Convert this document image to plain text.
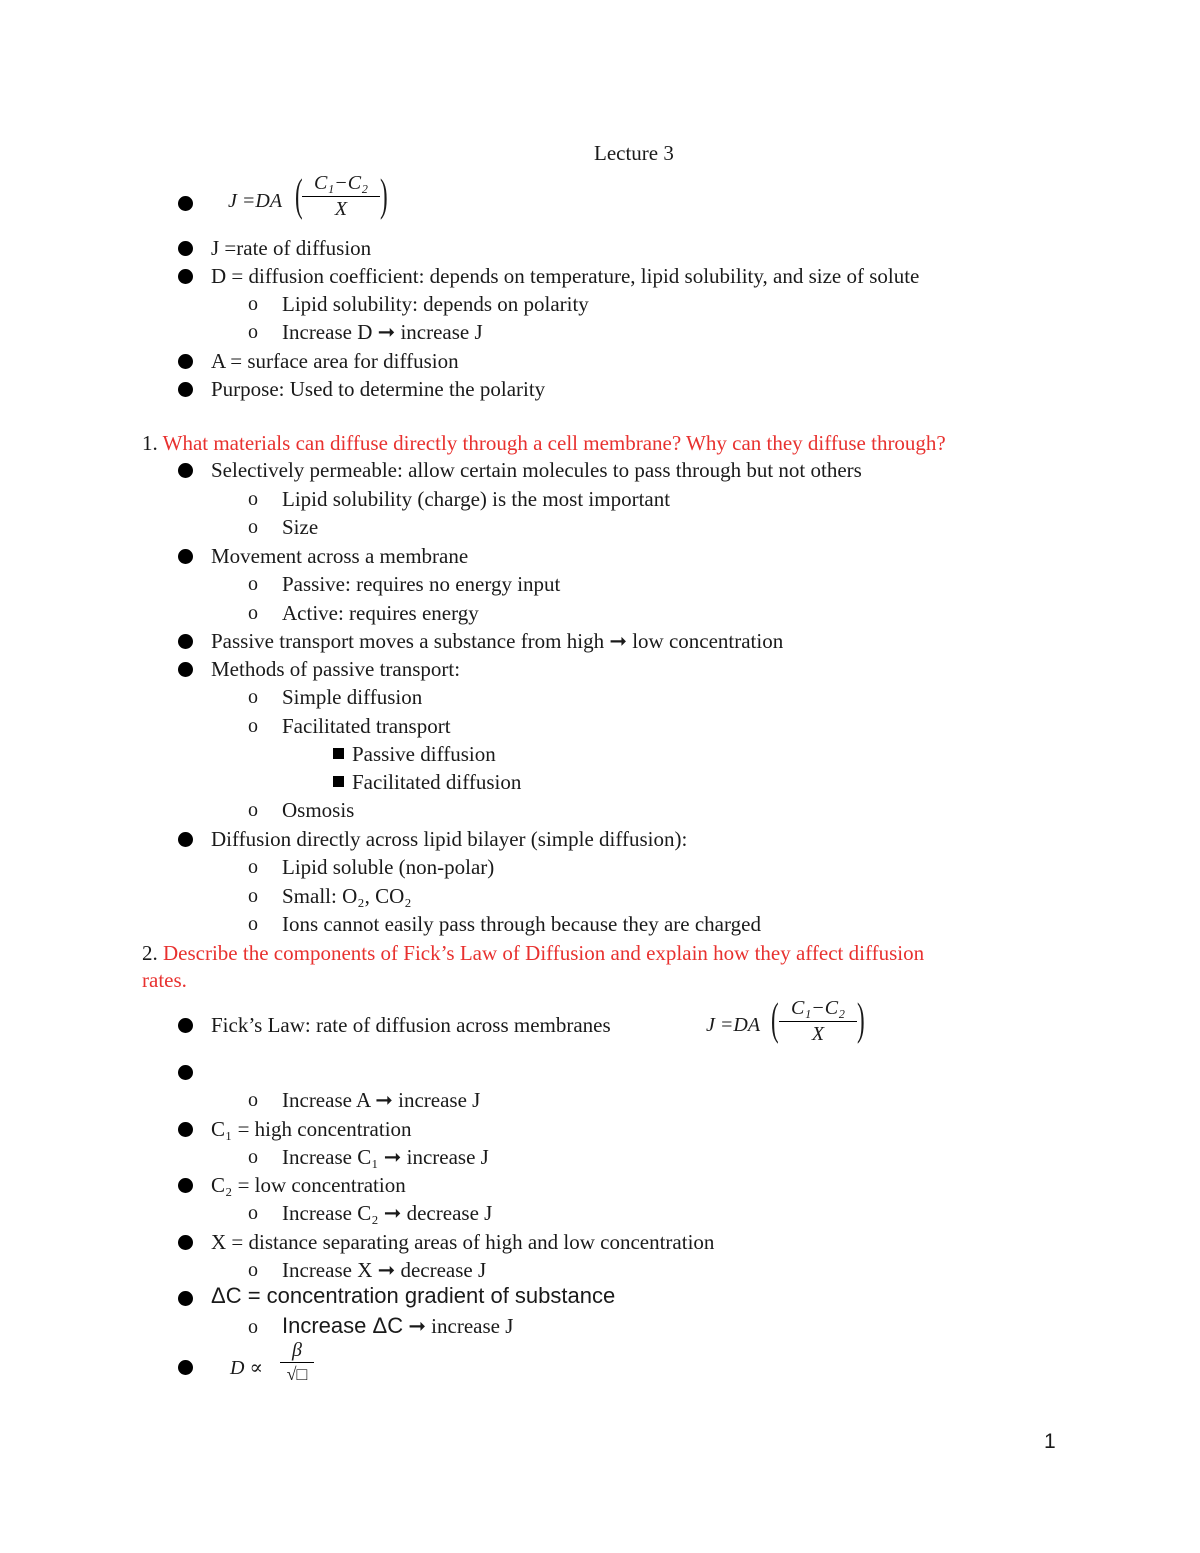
Lecture 3
J =DA ( $\frac{\text{C₁−C₂}}{X}$ )
J =rate of diffusion
D = diffusion coefficient: depends on temperature, lipid solubility, and size of solute
o Lipid solubility: depends on polarity
o Increase D ➞ increase J
A = surface area for diffusion
Purpose: Used to determine the polarity
1. What materials can diffuse directly through a cell membrane? Why can they diffuse through?
Selectively permeable: allow certain molecules to pass through but not others
o Lipid solubility (charge) is the most important
o Size
Movement across a membrane
o Passive: requires no energy input
o Active: requires energy
Passive transport moves a substance from high ➞ low concentration
Methods of passive transport:
o Simple diffusion
o Facilitated transport
Passive diffusion
Facilitated diffusion
o Osmosis
Diffusion directly across lipid bilayer (simple diffusion):
o Lipid soluble (non-polar)
o Small: O₂, CO₂
o Ions cannot easily pass through because they are charged
2. Describe the components of Fick’s Law of Diffusion and explain how they affect diffusion
rates.
Fick’s Law: rate of diffusion across membranes	J =DA ( $\frac{\text{C₁−C₂}}{X}$ )
o Increase A ➞ increase J
C₁ = high concentration
o Increase C₁ ➞ increase J
C₂ = low concentration
o Increase C₂ ➞ decrease J
X = distance separating areas of high and low concentration
o Increase X ➞ decrease J
ΔC = concentration gradient of substance
o Increase ΔC ➞ increase J
D ∝
β
√□
1
